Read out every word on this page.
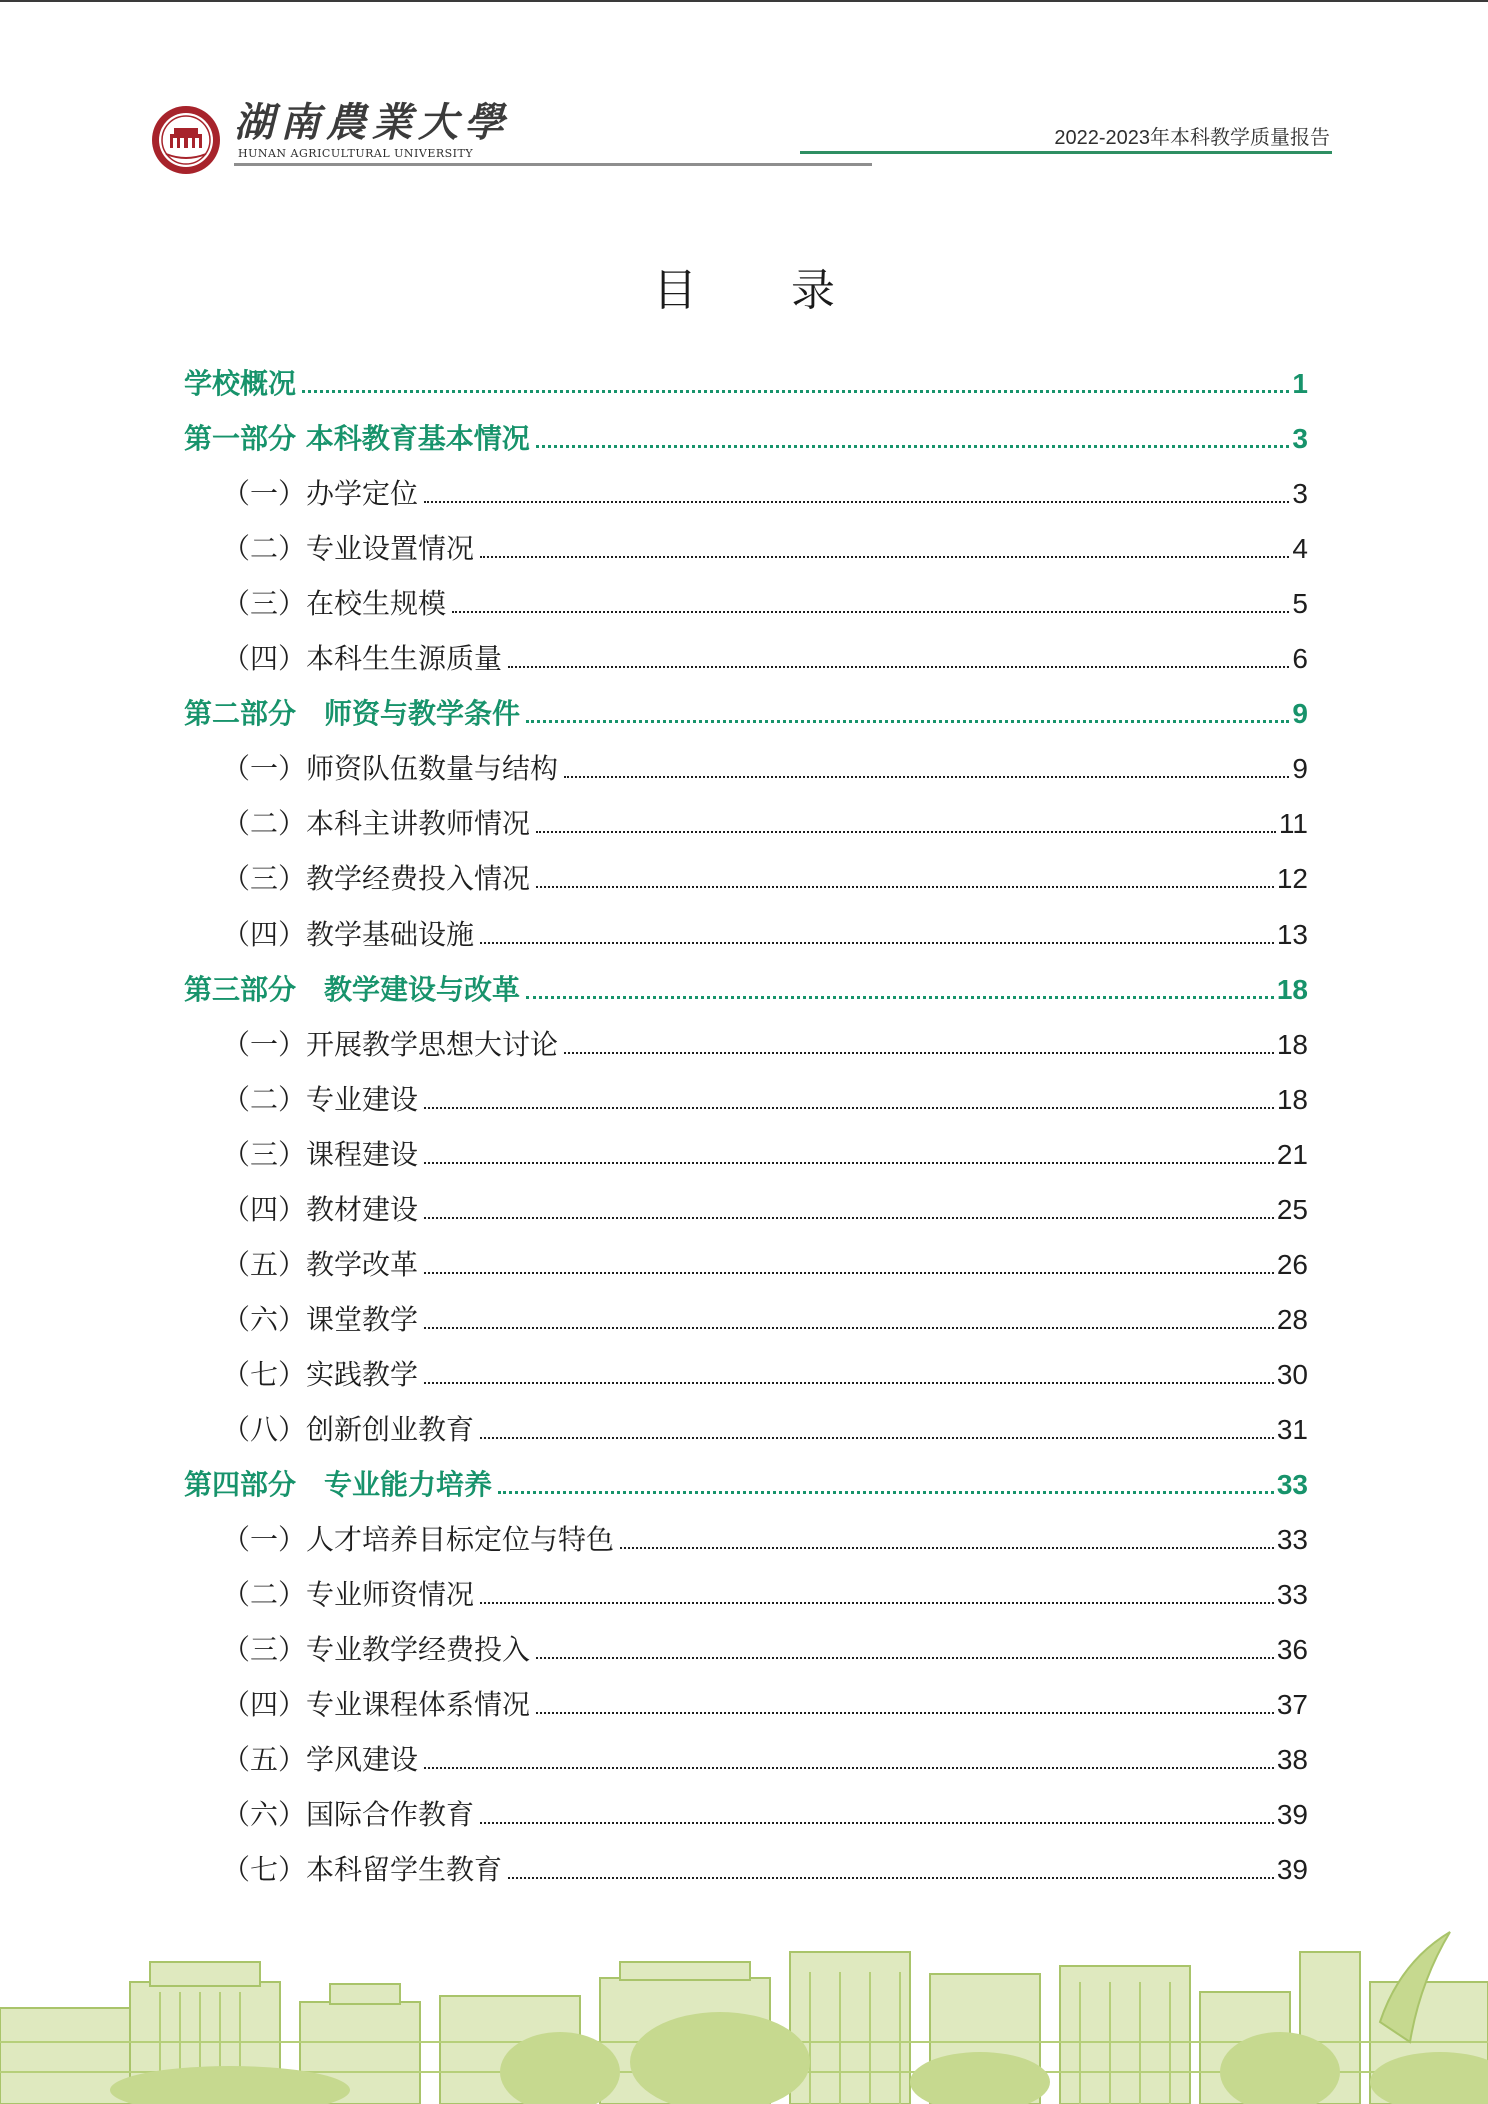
湖南農業大學
HUNAN AGRICULTURAL UNIVERSITY
2022-2023年本科教学质量报告
目 录
学校概况	1
第一部分 本科教育基本情况	3
（一）办学定位	3
（二）专业设置情况	4
（三）在校生规模	5
（四）本科生生源质量	6
第二部分　师资与教学条件	9
（一）师资队伍数量与结构	9
（二）本科主讲教师情况	11
（三）教学经费投入情况	12
（四）教学基础设施	13
第三部分　教学建设与改革	18
（一）开展教学思想大讨论	18
（二）专业建设	18
（三）课程建设	21
（四）教材建设	25
（五）教学改革	26
（六）课堂教学	28
（七）实践教学	30
（八）创新创业教育	31
第四部分　专业能力培养	33
（一）人才培养目标定位与特色	33
（二）专业师资情况	33
（三）专业教学经费投入	36
（四）专业课程体系情况	37
（五）学风建设	38
（六）国际合作教育	39
（七）本科留学生教育	39
